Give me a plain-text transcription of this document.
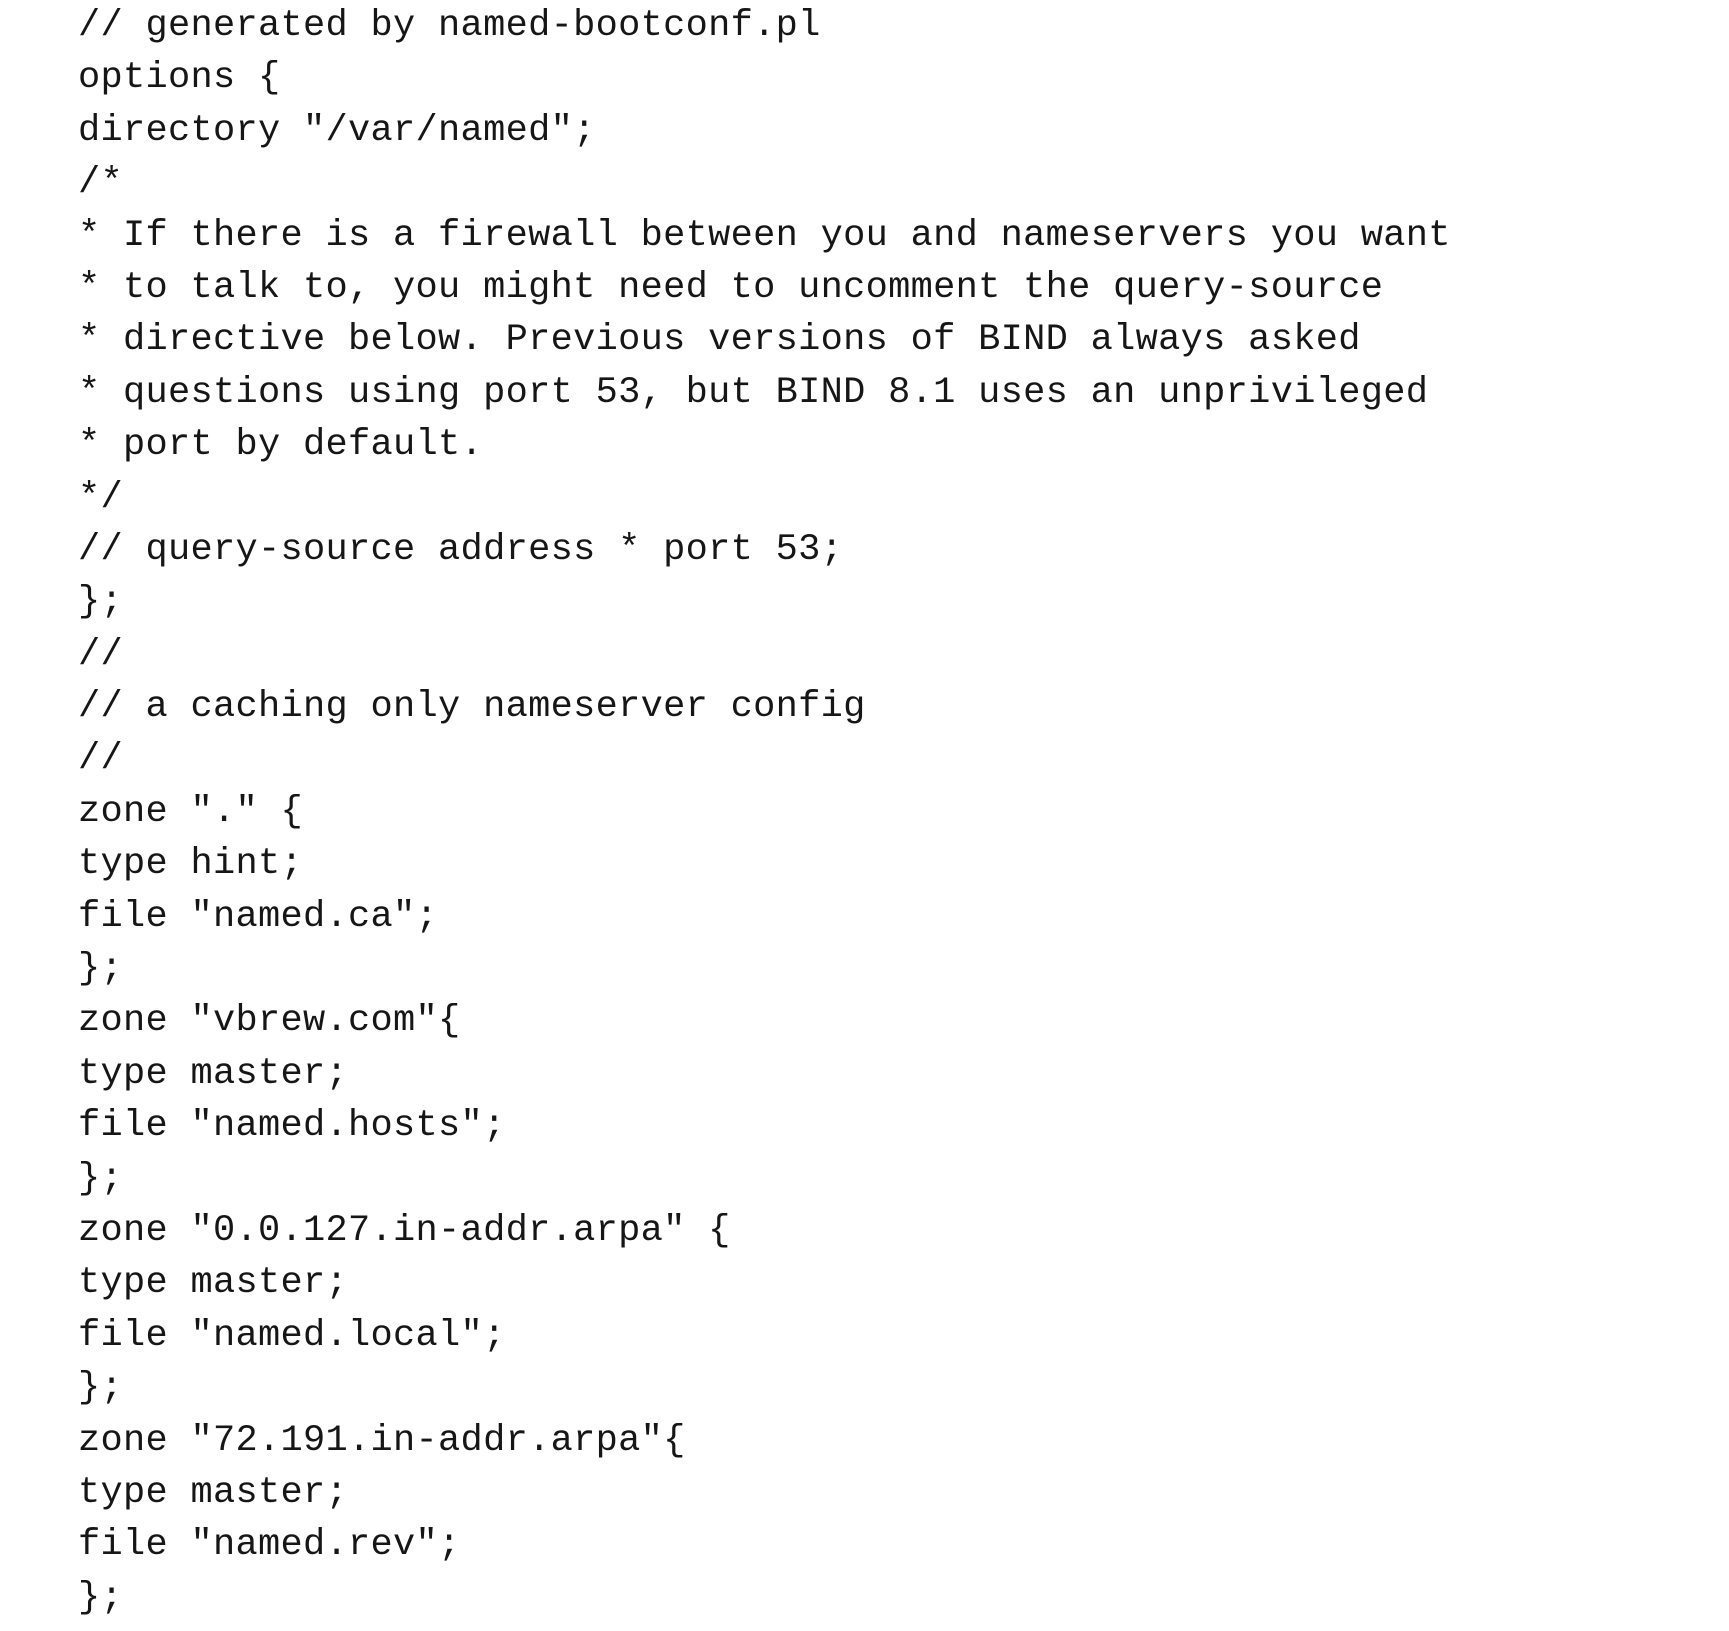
// generated by named-bootconf.pl
options {
directory "/var/named";
/*
* If there is a firewall between you and nameservers you want
* to talk to, you might need to uncomment the query-source
* directive below. Previous versions of BIND always asked
* questions using port 53, but BIND 8.1 uses an unprivileged
* port by default.
*/
// query-source address * port 53;
};
//
// a caching only nameserver config
//
zone "." {
type hint;
file "named.ca";
};
zone "vbrew.com"{
type master;
file "named.hosts";
};
zone "0.0.127.in-addr.arpa" {
type master;
file "named.local";
};
zone "72.191.in-addr.arpa"{
type master;
file "named.rev";
};
